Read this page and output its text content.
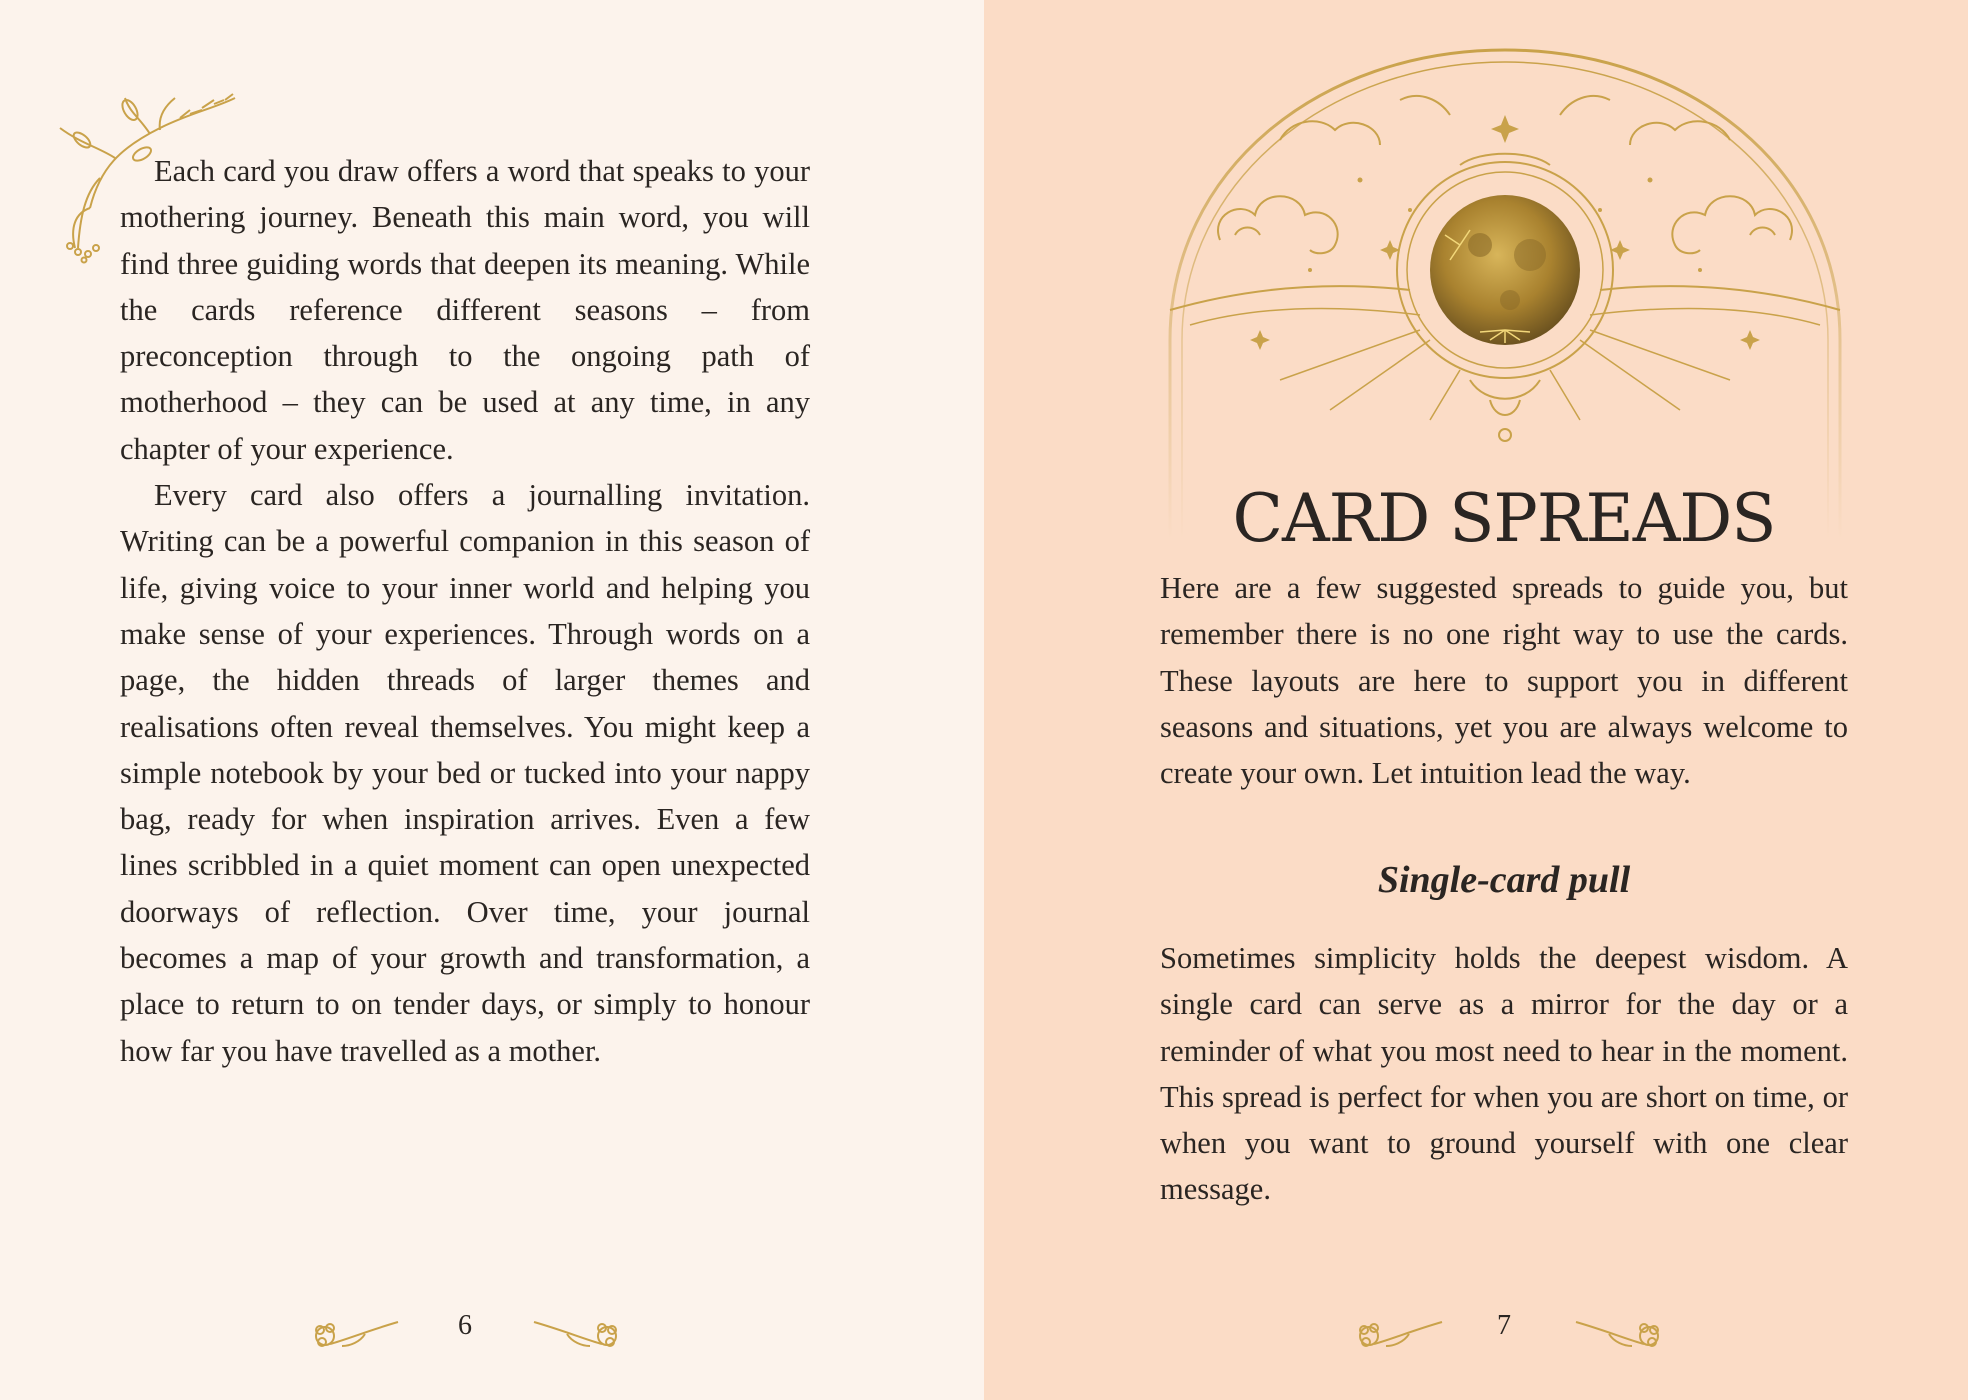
Each card you draw offers a word that speaks to your mothering journey. Beneath this main word, you will find three guiding words that deepen its meaning. While the cards reference different seasons – from preconception through to the ongoing path of motherhood – they can be used at any time, in any chapter of your experience.

Every card also offers a journalling invitation. Writing can be a powerful companion in this season of life, giving voice to your inner world and helping you make sense of your experiences. Through words on a page, the hidden threads of larger themes and realisations often reveal themselves. You might keep a simple notebook by your bed or tucked into your nappy bag, ready for when inspiration arrives. Even a few lines scribbled in a quiet moment can open unexpected doorways of reflection. Over time, your journal becomes a map of your growth and transformation, a place to return to on tender days, or simply to honour how far you have travelled as a mother.

6
CARD SPREADS

Here are a few suggested spreads to guide you, but remember there is no one right way to use the cards. These layouts are here to support you in different seasons and situations, yet you are always welcome to create your own. Let intuition lead the way.

Single-card pull

Sometimes simplicity holds the deepest wisdom. A single card can serve as a mirror for the day or a reminder of what you most need to hear in the moment. This spread is perfect for when you are short on time, or when you want to ground yourself with one clear message.

7
